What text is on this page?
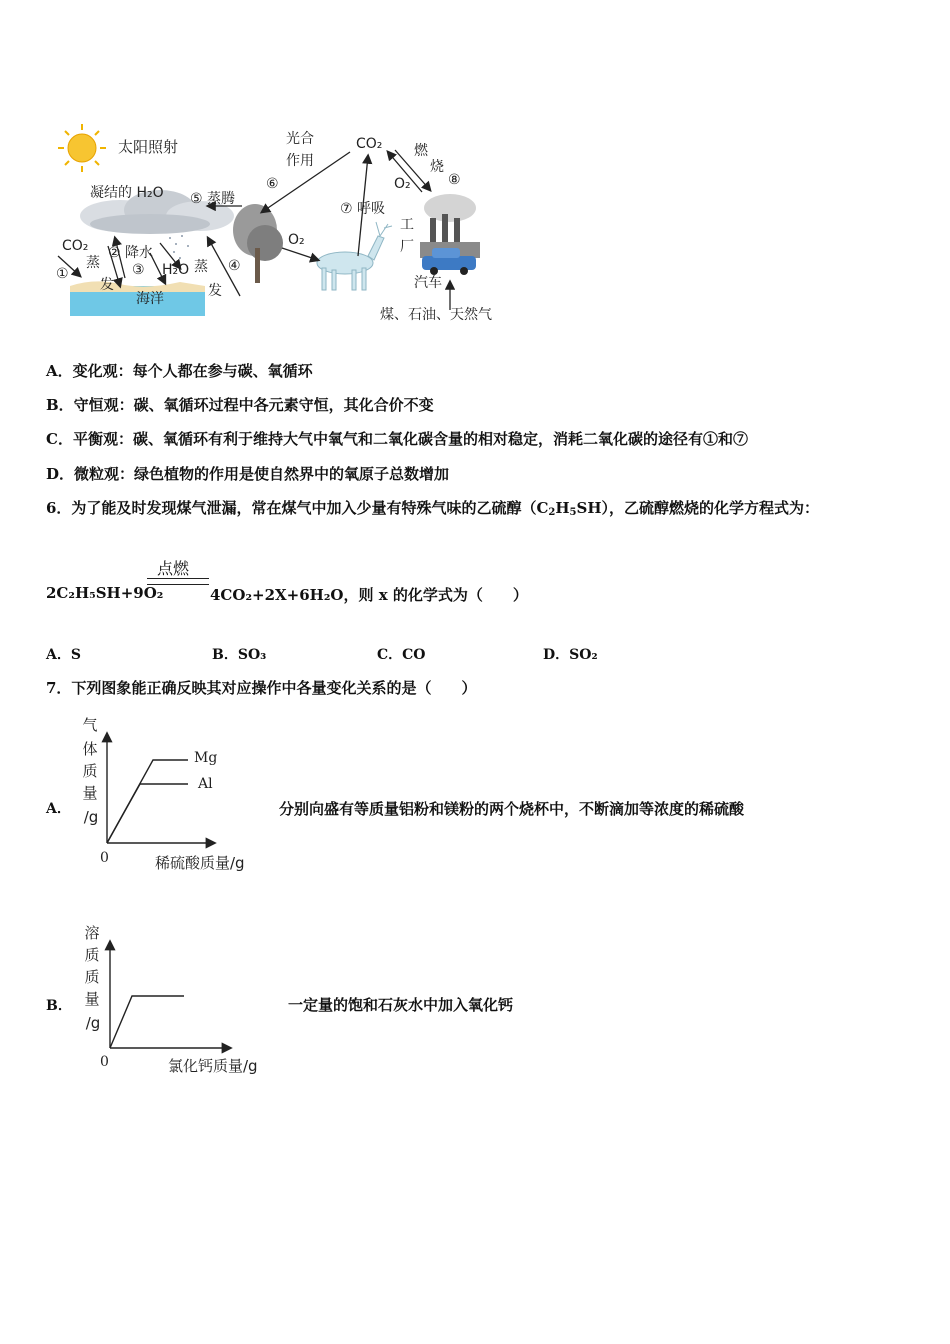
太阳照射
凝结的 H₂O
CO₂
①
蒸
发
② 降水
③ H₂O
海洋
蒸
发
④
⑤ 蒸腾
⑥
光合
作用
O₂
CO₂
⑦ 呼吸
燃
烧
⑧
O₂
工
厂
汽车
煤、石油、天然气
A．变化观：每个人都在参与碳、氧循环
B．守恒观：碳、氧循环过程中各元素守恒，其化合价不变
C．平衡观：碳、氧循环有利于维持大气中氧气和二氧化碳含量的相对稳定，消耗二氧化碳的途径有①和⑦
D．微粒观：绿色植物的作用是使自然界中的氧原子总数增加
6．为了能及时发现煤气泄漏，常在煤气中加入少量有特殊气味的乙硫醇$(C_2H_5SH)$，乙硫醇燃烧的化学方程式为：
点燃
2C₂H₅SH+9O₂	4CO₂+2X+6H₂O，则 x 的化学式为（　　）
A．S	B．SO₃	C．CO	D．SO₂
7．下列图象能正确反映其对应操作中各量变化关系的是（　　）
A．
气
体
质
量
/g
Mg
Al
0	稀硫酸质量/g
分别向盛有等质量铝粉和镁粉的两个烧杯中，不断滴加等浓度的稀硫酸
B．
溶
质
质
量
/g
0	氯化钙质量/g
一定量的饱和石灰水中加入氧化钙
